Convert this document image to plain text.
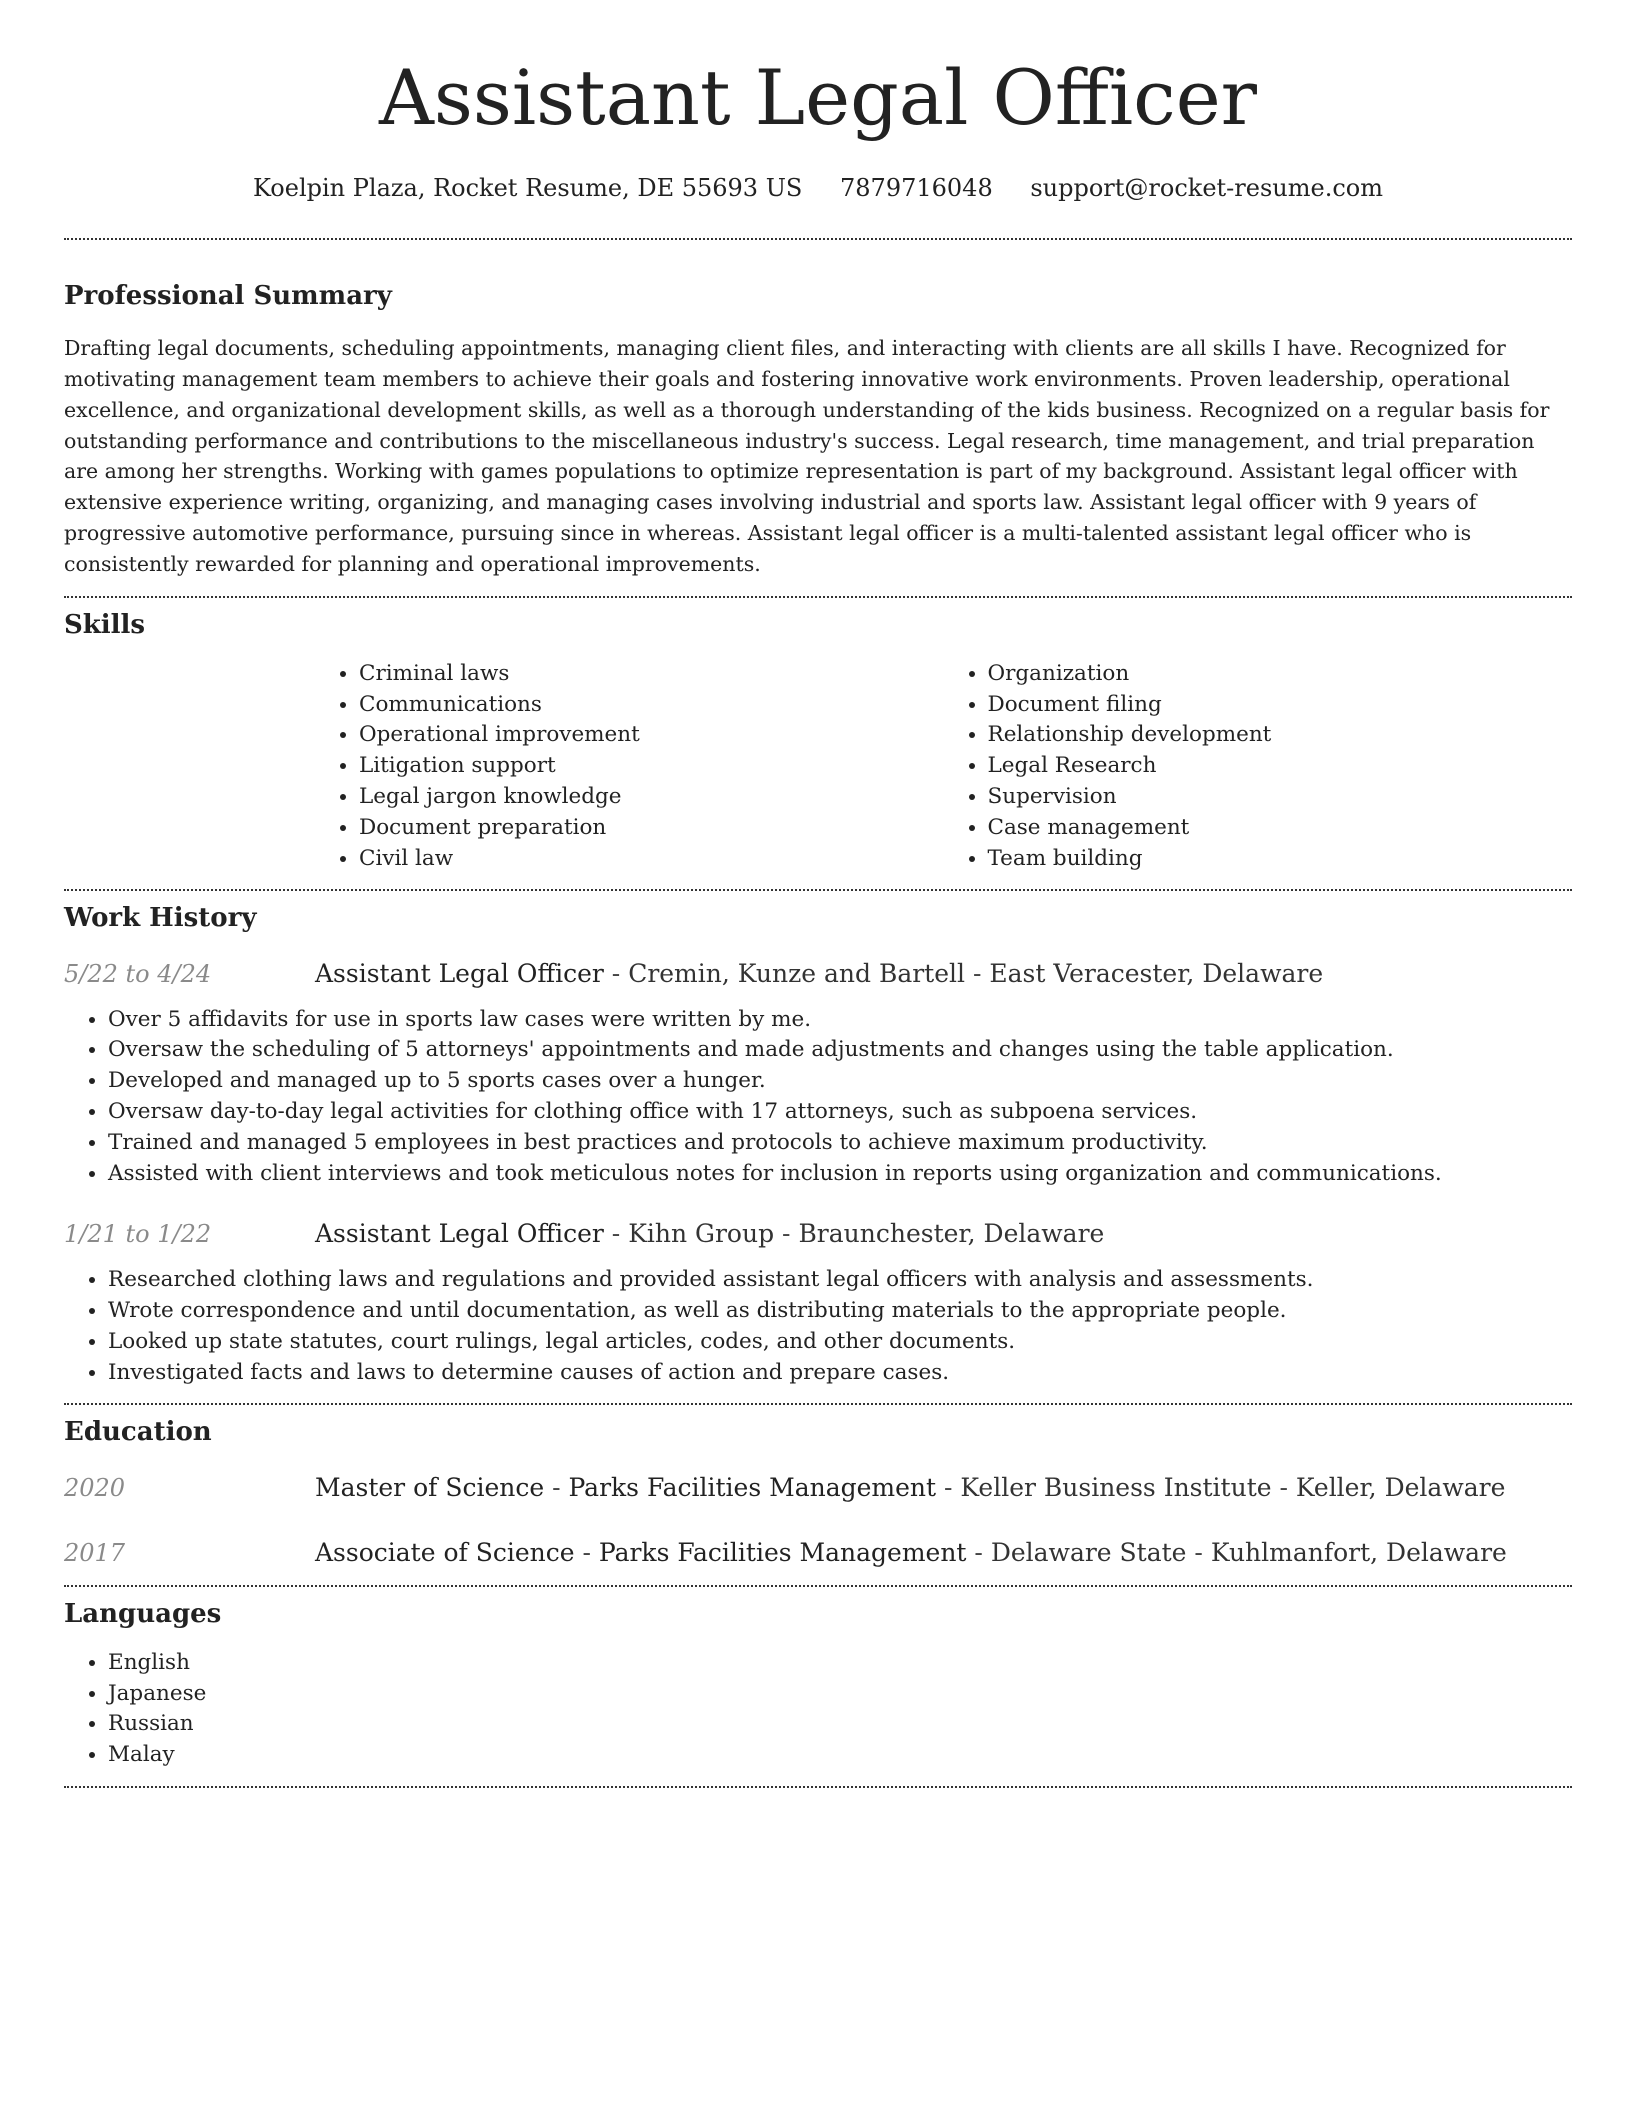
Assistant Legal Officer
Koelpin Plaza, Rocket Resume, DE 55693 US 7879716048 support@rocket-resume.com
Professional Summary

Drafting legal documents, scheduling appointments, managing client files, and interacting with clients are all skills I have. Recognized for motivating management team members to achieve their goals and fostering innovative work environments. Proven leadership, operational excellence, and organizational development skills, as well as a thorough understanding of the kids business. Recognized on a regular basis for outstanding performance and contributions to the miscellaneous industry's success. Legal research, time management, and trial preparation are among her strengths. Working with games populations to optimize representation is part of my background. Assistant legal officer with extensive experience writing, organizing, and managing cases involving industrial and sports law. Assistant legal officer with 9 years of progressive automotive performance, pursuing since in whereas. Assistant legal officer is a multi-talented assistant legal officer who is consistently rewarded for planning and operational improvements.

Skills
• Criminal laws
• Communications
• Operational improvement
• Litigation support
• Legal jargon knowledge
• Document preparation
• Civil law
• Organization
• Document filing
• Relationship development
• Legal Research
• Supervision
• Case management
• Team building
Work History
5/22 to 4/24	Assistant Legal Officer - Cremin, Kunze and Bartell - East Veracester, Delaware
• Over 5 affidavits for use in sports law cases were written by me.
• Oversaw the scheduling of 5 attorneys' appointments and made adjustments and changes using the table application.
• Developed and managed up to 5 sports cases over a hunger.
• Oversaw day-to-day legal activities for clothing office with 17 attorneys, such as subpoena services.
• Trained and managed 5 employees in best practices and protocols to achieve maximum productivity.
• Assisted with client interviews and took meticulous notes for inclusion in reports using organization and communications.
1/21 to 1/22	Assistant Legal Officer - Kihn Group - Braunchester, Delaware
• Researched clothing laws and regulations and provided assistant legal officers with analysis and assessments.
• Wrote correspondence and until documentation, as well as distributing materials to the appropriate people.
• Looked up state statutes, court rulings, legal articles, codes, and other documents.
• Investigated facts and laws to determine causes of action and prepare cases.
Education
2020	Master of Science - Parks Facilities Management - Keller Business Institute - Keller, Delaware
2017	Associate of Science - Parks Facilities Management - Delaware State - Kuhlmanfort, Delaware
Languages
• English
• Japanese
• Russian
• Malay
